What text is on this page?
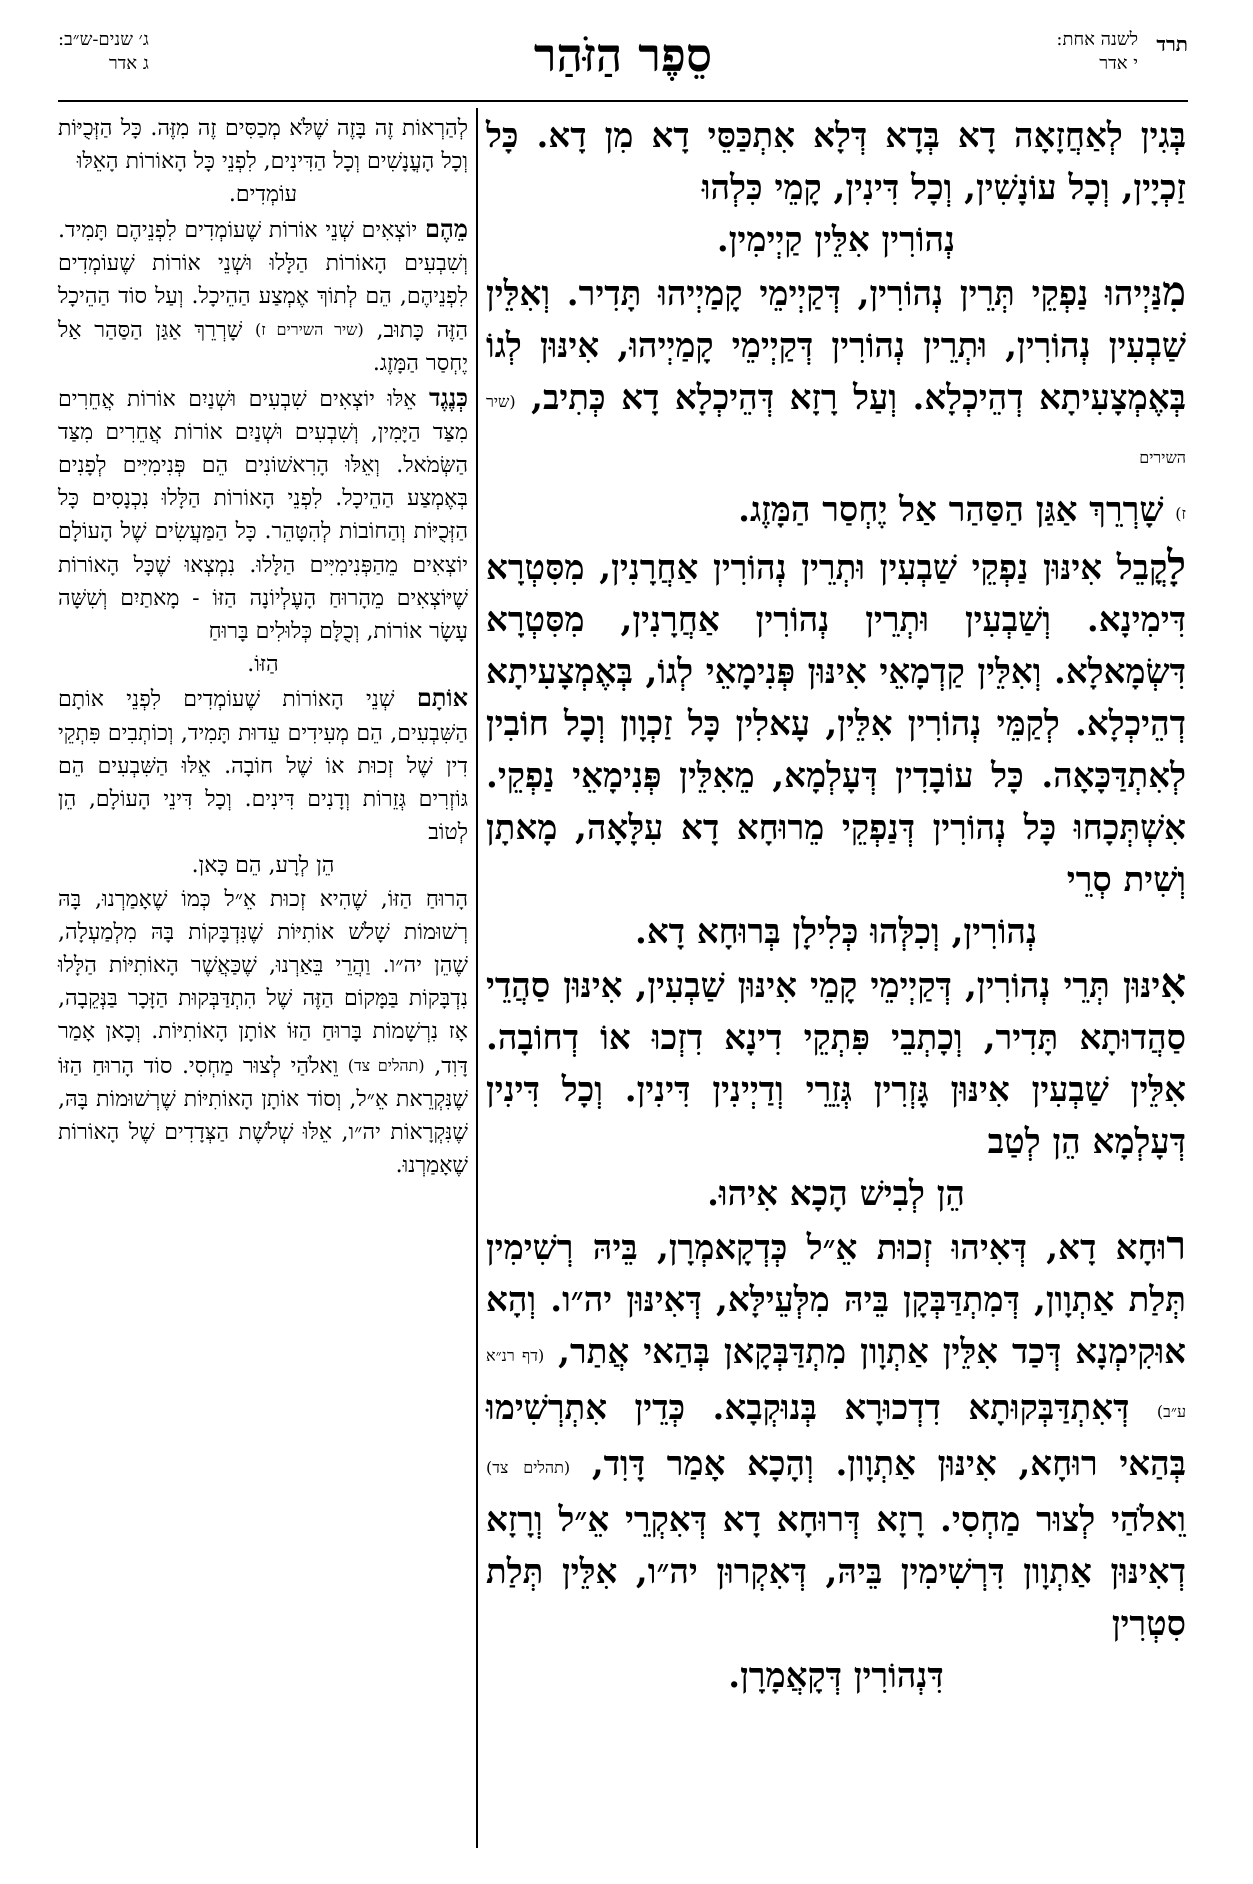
תרד
לשנה אחת:
י אדר
סֵפֶר הַזֹּהַר
ג׳ שנים-ש״ב:
ג אדר

בְּגִין לְאַחֲזָאָה דָא בְּדָא דְּלָא אִתְכַּסֵּי דָא מִן דָא. כָּל זַכְיָין, וְכָל עוֹנָשִׁין, וְכָל דִּינִין, קָמֵי כִּלְהוּ

נְהוֹרִין אִלֵּין קַיְימִין.

מִנַּיְיהוּ נַפְקֵי תְּרֵין נְהוֹרִין, דְּקַיְימֵי קָמַיְיהוּ תָּדִיר. וְאִלֵּין שַׁבְעִין נְהוֹרִין, וּתְרֵין נְהוֹרִין דְּקַיְימֵי קָמַיְיהוּ, אִינּוּן לְגוֹ בְּאֶמְצָעִיתָא דְהֵיכְלָא. וְעַל רָזָא דְּהֵיכְלָא דָא כְּתִיב, (שיר השירים

ז) שָׁרְרֵךְ אַגַּן הַסַּהַר אַל יֶחְסַר הַמָּזֶג.

לָקֳבֵל אִינּוּן נַפְקֵי שַׁבְעִין וּתְרֵין נְהוֹרִין אַחֲרָנִין, מִסִּטְרָא דִּימִינָא. וְשַׁבְעִין וּתְרֵין נְהוֹרִין אַחֲרָנִין, מִסִּטְרָא דִּשְׂמָאלָא. וְאִלֵּין קַדְמָאֵי אִינּוּן פְּנִימָאֵי לְגוֹ, בְּאֶמְצָעִיתָא דְהֵיכְלָא. לְקַמֵּי נְהוֹרִין אִלֵּין, עָאלִין כָּל זַכְוָון וְכָל חוֹבִין לְאִתְדַּכָּאָה. כָּל עוֹבָדִין דְּעָלְמָא, מֵאִלֵּין פְּנִימָאֵי נַפְקֵי. אִשְׁתְּכָחוּ כָּל נְהוֹרִין דְּנַפְקֵי מֵרוּחָא דָא עִלָּאָה, מָאתָן וְשִׁית סְרֵי

נְהוֹרִין, וְכִלְּהוּ כְּלִילָן בְּרוּחָא דָא.

אִינּוּן תְּרֵי נְהוֹרִין, דְּקַיְימֵי קָמֵי אִינּוּן שַׁבְעִין, אִינּוּן סַהֲדֵי סַהֲדוּתָא תָּדִיר, וְכָתְבֵי פִּתְקֵי דִינָא דִזְכוּ אוֹ דְחוֹבָה. אִלֵּין שַׁבְעִין אִינּוּן גָּזְרִין גְּזֵרֵי וְדַיְינִין דִּינִין. וְכָל דִּינִין דְּעָלְמָא הֵן לְטַב

הֵן לְבִישׁ הָכָא אִיהוּ.

רוּחָא דָא, דְּאִיהוּ זְכוּת אֵ״ל כְּדְקָאמְרָן, בֵּיהּ רְשִׁימִין תְּלַת אַתְוָון, דְּמִתְדַּבְּקָן בֵּיהּ מִלְּעֵילָּא, דְּאִינּוּן יה״ו. וְהָא אוּקִימְנָא דְּכַד אִלֵּין אַתְוָון מִתְדַּבְּקָאן בְּהַאי אֲתַר, (דף רנ״א ע״ב) דְּאִתְדַּבְּקוּתָא דִדְכוּרָא בְּנוּקְבָא. כְּדֵין אִתְרְשִׁימוּ בְּהַאי רוּחָא, אִינּוּן אַתְוָון. וְהָכָא אָמַר דָּוִד, (תהלים צד) וֵאלֹהַי לְצוּר מַחְסִי. רָזָא דְּרוּחָא דָא דְּאִקְרֵי אֵ״ל וְרָזָא דְאִינּוּן אַתְוָון דִּרְשִׁימִין בֵּיהּ, דְּאִקְרוּן יה״ו, אִלֵּין תְּלַת סִטְרִין

דִּנְהוֹרִין דְּקָאֲמָרָן.

לְהַרְאוֹת זֶה בָּזֶה שֶׁלֹּא מְכַסִּים זֶה מִזֶּה. כָּל הַזְּכֻיּוֹת וְכָל הָעֳנָשִׁים וְכָל הַדִּינִים, לִפְנֵי כָּל הָאוֹרוֹת הָאֵלּוּ

עוֹמְדִים.

מֵהֶם יוֹצְאִים שְׁנֵי אוֹרוֹת שֶׁעוֹמְדִים לִפְנֵיהֶם תָּמִיד. וְשִׁבְעִים הָאוֹרוֹת הַלָּלוּ וּשְׁנֵי אוֹרוֹת שֶׁעוֹמְדִים לִפְנֵיהֶם, הֵם לְתוֹךְ אֶמְצַע הַהֵיכָל. וְעַל סוֹד הַהֵיכָל הַזֶּה כָּתוּב, (שיר השירים ז) שָׁרְרֵךְ אַגַּן הַסַּהַר אַל יֶחְסַר הַמָּזֶג.

כְּנֶגֶד אֵלּוּ יוֹצְאִים שִׁבְעִים וּשְׁנַיִם אוֹרוֹת אֲחֵרִים מִצַּד הַיָּמִין, וְשִׁבְעִים וּשְׁנַיִם אוֹרוֹת אֲחֵרִים מִצַּד הַשְּׂמֹאל. וְאֵלּוּ הָרִאשׁוֹנִים הֵם פְּנִימִיִּים לְפָנִים בְּאֶמְצַע הַהֵיכָל. לִפְנֵי הָאוֹרוֹת הַלָּלוּ נִכְנָסִים כָּל הַזְּכֻיּוֹת וְהַחוֹבוֹת לְהִטָּהֵר. כָּל הַמַּעֲשִׂים שֶׁל הָעוֹלָם יוֹצְאִים מֵהַפְּנִימִיִּים הַלָּלוּ. נִמְצְאוּ שֶׁכָּל הָאוֹרוֹת שֶׁיּוֹצְאִים מֵהָרוּחַ הָעֶלְיוֹנָה הַזּוֹ - מָאתַיִם וְשִׁשָּׁה עָשָׂר אוֹרוֹת, וְכֻלָּם כְּלוּלִים בָּרוּחַ

הַזּוֹ.

אוֹתָם שְׁנֵי הָאוֹרוֹת שֶׁעוֹמְדִים לִפְנֵי אוֹתָם הַשִּׁבְעִים, הֵם מְעִידִים עֵדוּת תָּמִיד, וְכוֹתְבִים פִּתְקֵי דִין שֶׁל זְכוּת אוֹ שֶׁל חוֹבָה. אֵלּוּ הַשִּׁבְעִים הֵם גּוֹזְרִים גְּזֵרוֹת וְדָנִים דִּינִים. וְכָל דִּינֵי הָעוֹלָם, הֵן לְטוֹב

הֵן לְרָע, הֵם כָּאן.

הָרוּחַ הַזּוֹ, שֶׁהִיא זְכוּת אֵ״ל כְּמוֹ שֶׁאָמַרְנוּ, בָּהּ רְשׁוּמוֹת שָׁלֹשׁ אוֹתִיּוֹת שֶׁנִּדְבָּקוֹת בָּהּ מִלְמַעְלָה, שֶׁהֵן יה״ו. וַהֲרֵי בֵּאַרְנוּ, שֶׁכַּאֲשֶׁר הָאוֹתִיּוֹת הַלָּלוּ נִדְבָּקוֹת בַּמָּקוֹם הַזֶּה שֶׁל הִתְדַּבְּקוּת הַזָּכָר בַּנְּקֵבָה, אָז נִרְשָׁמוֹת בָּרוּחַ הַזּוֹ אוֹתָן הָאוֹתִיּוֹת. וְכָאן אָמַר דָּוִד, (תהלים צד) וֵאלֹהַי לְצוּר מַחְסִי. סוֹד הָרוּחַ הַזּוֹ שֶׁנִּקְרֵאת אֵ״ל, וְסוֹד אוֹתָן הָאוֹתִיּוֹת שֶׁרְשׁוּמוֹת בָּהּ, שֶׁנִּקְרָאוֹת יה״ו, אֵלּוּ שְׁלֹשֶׁת הַצְּדָדִים שֶׁל הָאוֹרוֹת שֶׁאָמַרְנוּ.
